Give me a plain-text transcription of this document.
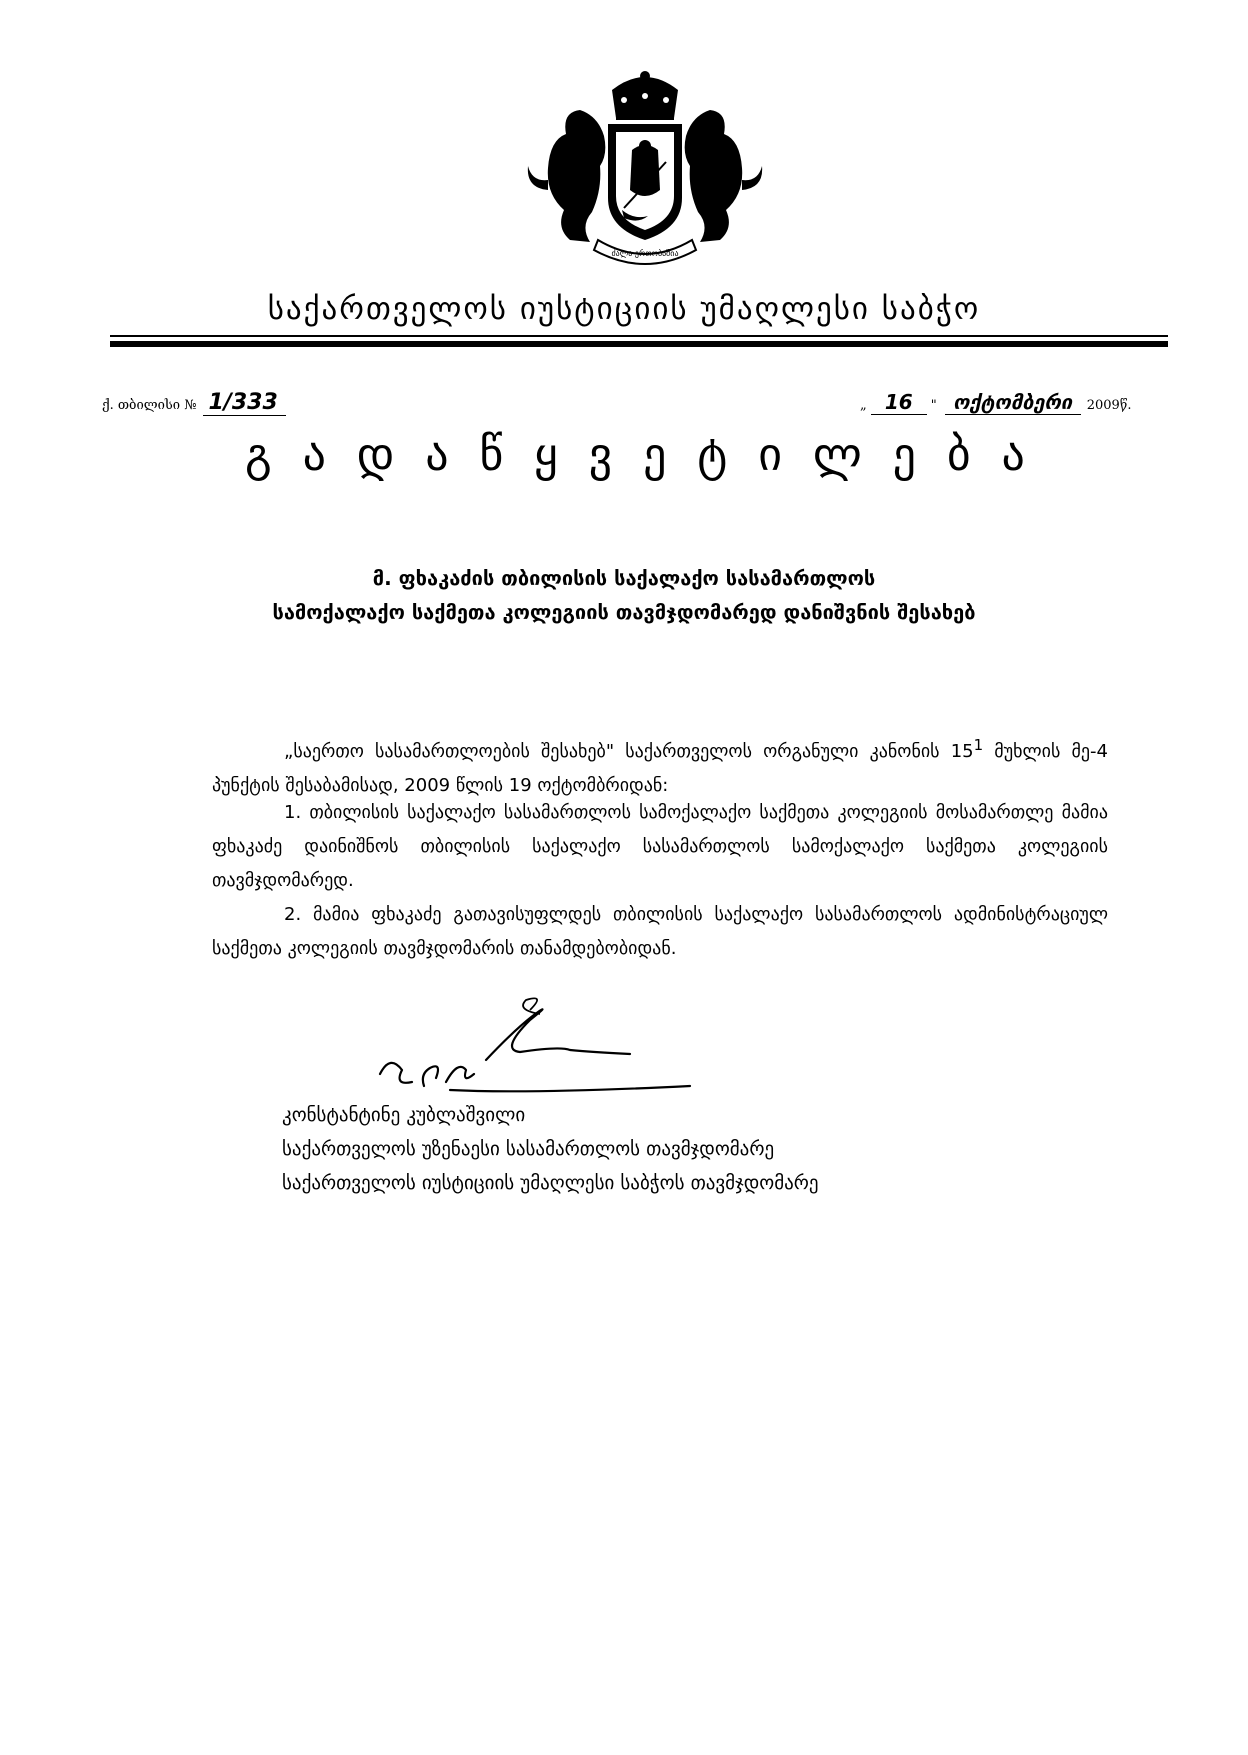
ძალა ერთობაშია
საქართველოს იუსტიციის უმაღლესი საბჭო
ქ. თბილისი № 1/333	„ 16 " ოქტომბერი 2009წ.
გ ა დ ა წ ყ ვ ე ტ ი ლ ე ბ ა
მ. ფხაკაძის თბილისის საქალაქო სასამართლოს
სამოქალაქო საქმეთა კოლეგიის თავმჯდომარედ დანიშვნის შესახებ
„საერთო სასამართლოების შესახებ" საქართველოს ორგანული კანონის $15^1$ მუხლის მე-4 პუნქტის შესაბამისად, 2009 წლის 19 ოქტომბრიდან:
1. თბილისის საქალაქო სასამართლოს სამოქალაქო საქმეთა კოლეგიის მოსამართლე მამია ფხაკაძე დაინიშნოს თბილისის საქალაქო სასამართლოს სამოქალაქო საქმეთა კოლეგიის თავმჯდომარედ.
2. მამია ფხაკაძე გათავისუფლდეს თბილისის საქალაქო სასამართლოს ადმინისტრაციულ საქმეთა კოლეგიის თავმჯდომარის თანამდებობიდან.
კონსტანტინე კუბლაშვილი
საქართველოს უზენაესი სასამართლოს თავმჯდომარე
საქართველოს იუსტიციის უმაღლესი საბჭოს თავმჯდომარე
